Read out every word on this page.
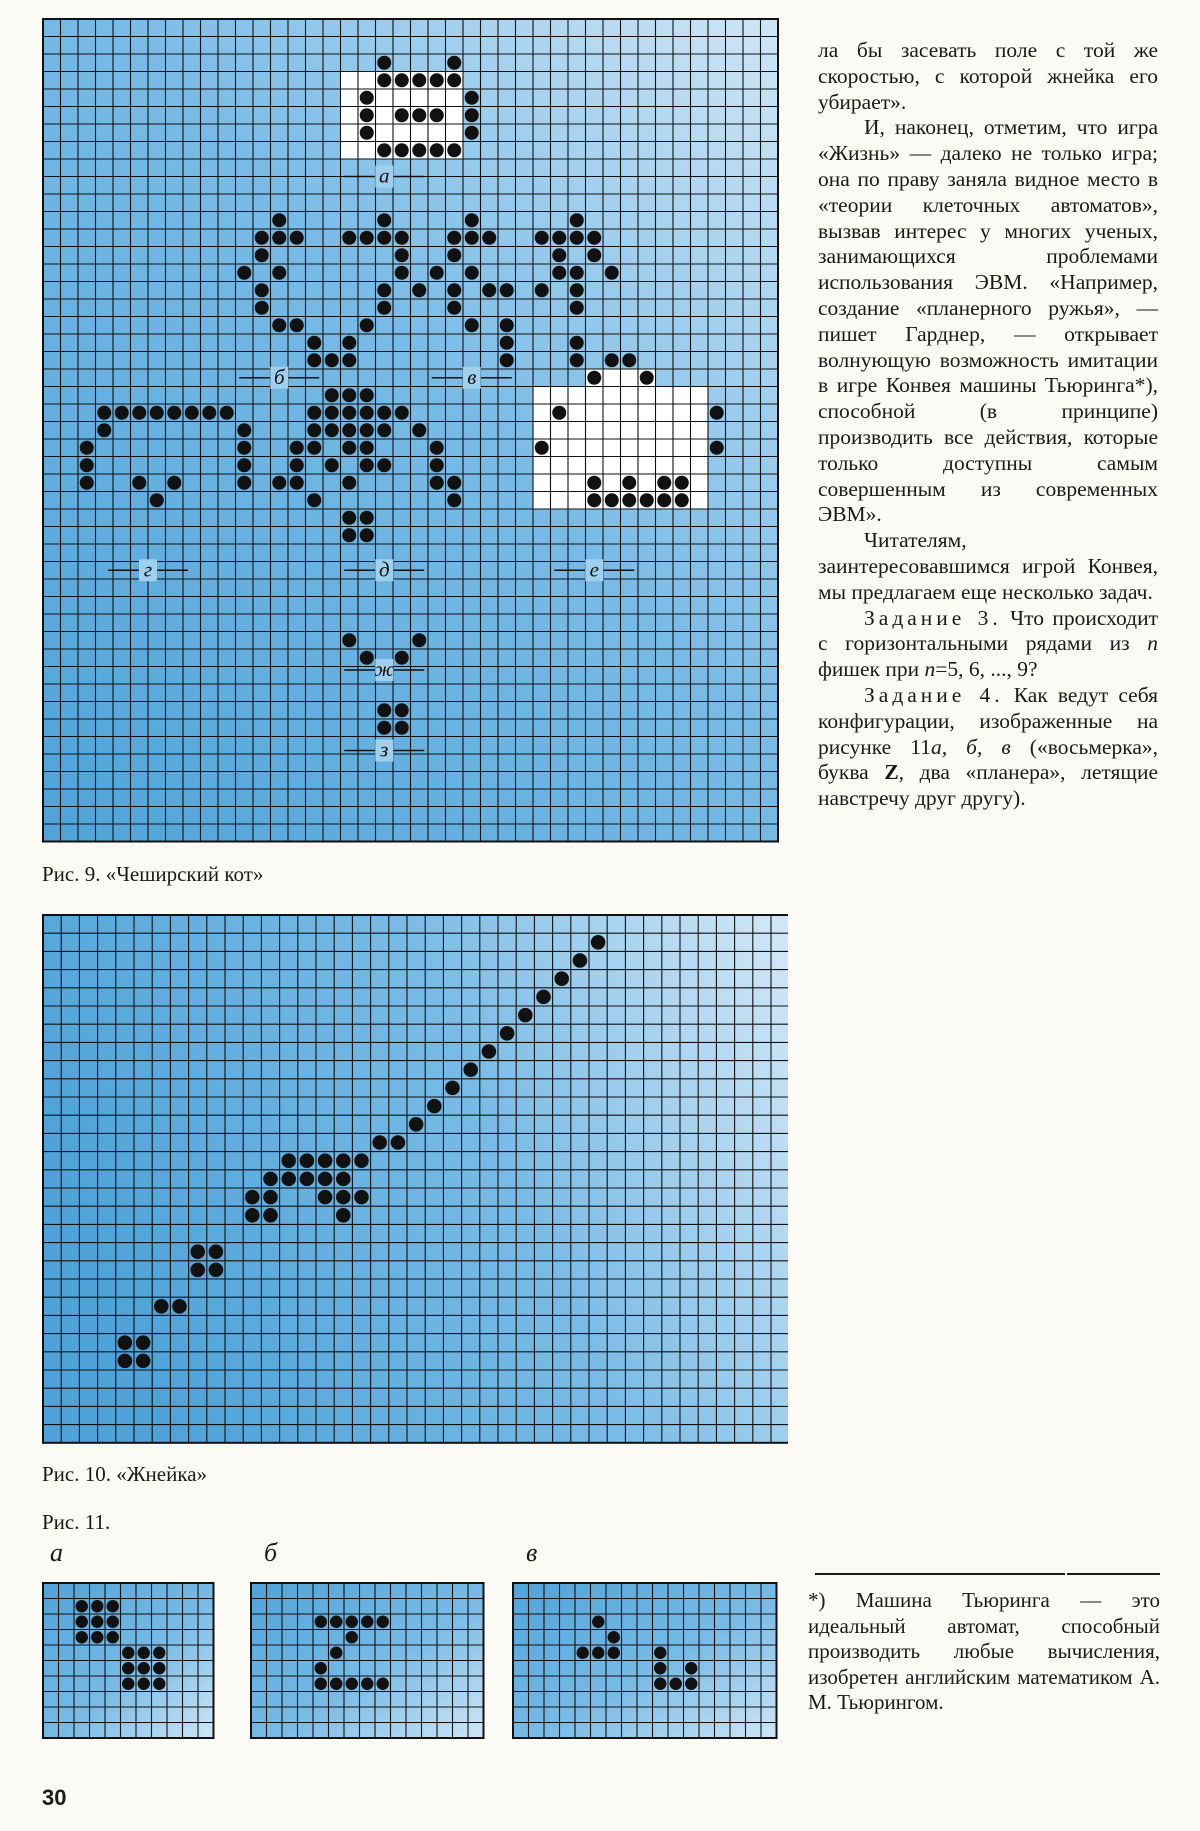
а
б	в
г	д	е
ж
з
Рис. 9. «Чеширский кот»
Рис. 10. «Жнейка»
Рис. 11.
а	б	в

ла бы засевать поле с той же скоростью, с которой жнейка его убирает».

И, наконец, отметим, что игра «Жизнь» — далеко не только игра; она по праву заняла видное место в «теории клеточных автоматов», вызвав интерес у многих ученых, занимающихся проблемами использования ЭВМ. «Например, создание «планерного ружья», — пишет Гарднер, — открывает волнующую возможность имитации в игре Конвея машины Тьюринга*), способной (в принципе) производить все действия, которые только доступны самым совершенным из современных ЭВМ».

Читателям, заинтересовавшимся игрой Конвея, мы предлагаем еще несколько задач.

Задание 3. Что происходит с горизонтальными рядами из n фишек при n=5, 6, ..., 9?

Задание 4. Как ведут себя конфигурации, изображенные на рисунке 11а, б, в («восьмерка», буква Z, два «планера», летящие навстречу друг другу).

*) Машина Тьюринга — это идеальный автомат, способный производить любые вычисления, изобретен английским математиком А. М. Тьюрингом.
30
